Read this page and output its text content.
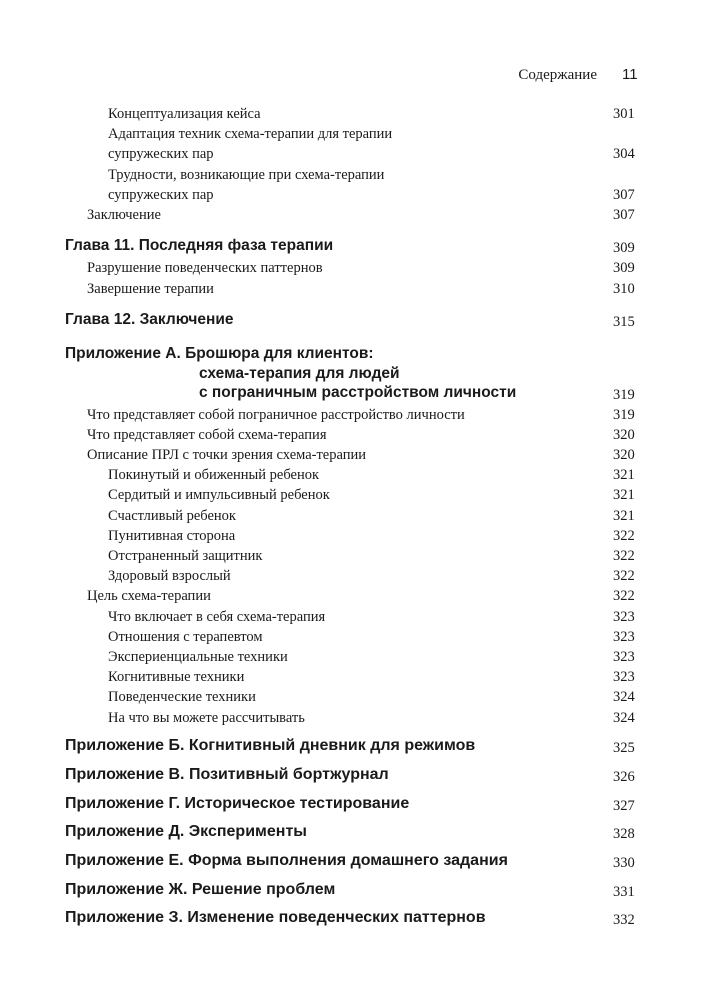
Содержание 11
Концептуализация кейса	301
Адаптация техник схема-терапии для терапии
супружеских пар	304
Трудности, возникающие при схема-терапии
супружеских пар	307
Заключение	307
Глава 11. Последняя фаза терапии	309
Разрушение поведенческих паттернов	309
Завершение терапии	310
Глава 12. Заключение	315
Приложение А. Брошюра для клиентов:
схема-терапия для людей
с пограничным расстройством личности	319
Что представляет собой пограничное расстройство личности	319
Что представляет собой схема-терапия	320
Описание ПРЛ с точки зрения схема-терапии	320
Покинутый и обиженный ребенок	321
Сердитый и импульсивный ребенок	321
Счастливый ребенок	321
Пунитивная сторона	322
Отстраненный защитник	322
Здоровый взрослый	322
Цель схема-терапии	322
Что включает в себя схема-терапия	323
Отношения с терапевтом	323
Экспериенциальные техники	323
Когнитивные техники	323
Поведенческие техники	324
На что вы можете рассчитывать	324
Приложение Б. Когнитивный дневник для режимов	325
Приложение В. Позитивный бортжурнал	326
Приложение Г. Историческое тестирование	327
Приложение Д. Эксперименты	328
Приложение Е. Форма выполнения домашнего задания	330
Приложение Ж. Решение проблем	331
Приложение З. Изменение поведенческих паттернов	332
